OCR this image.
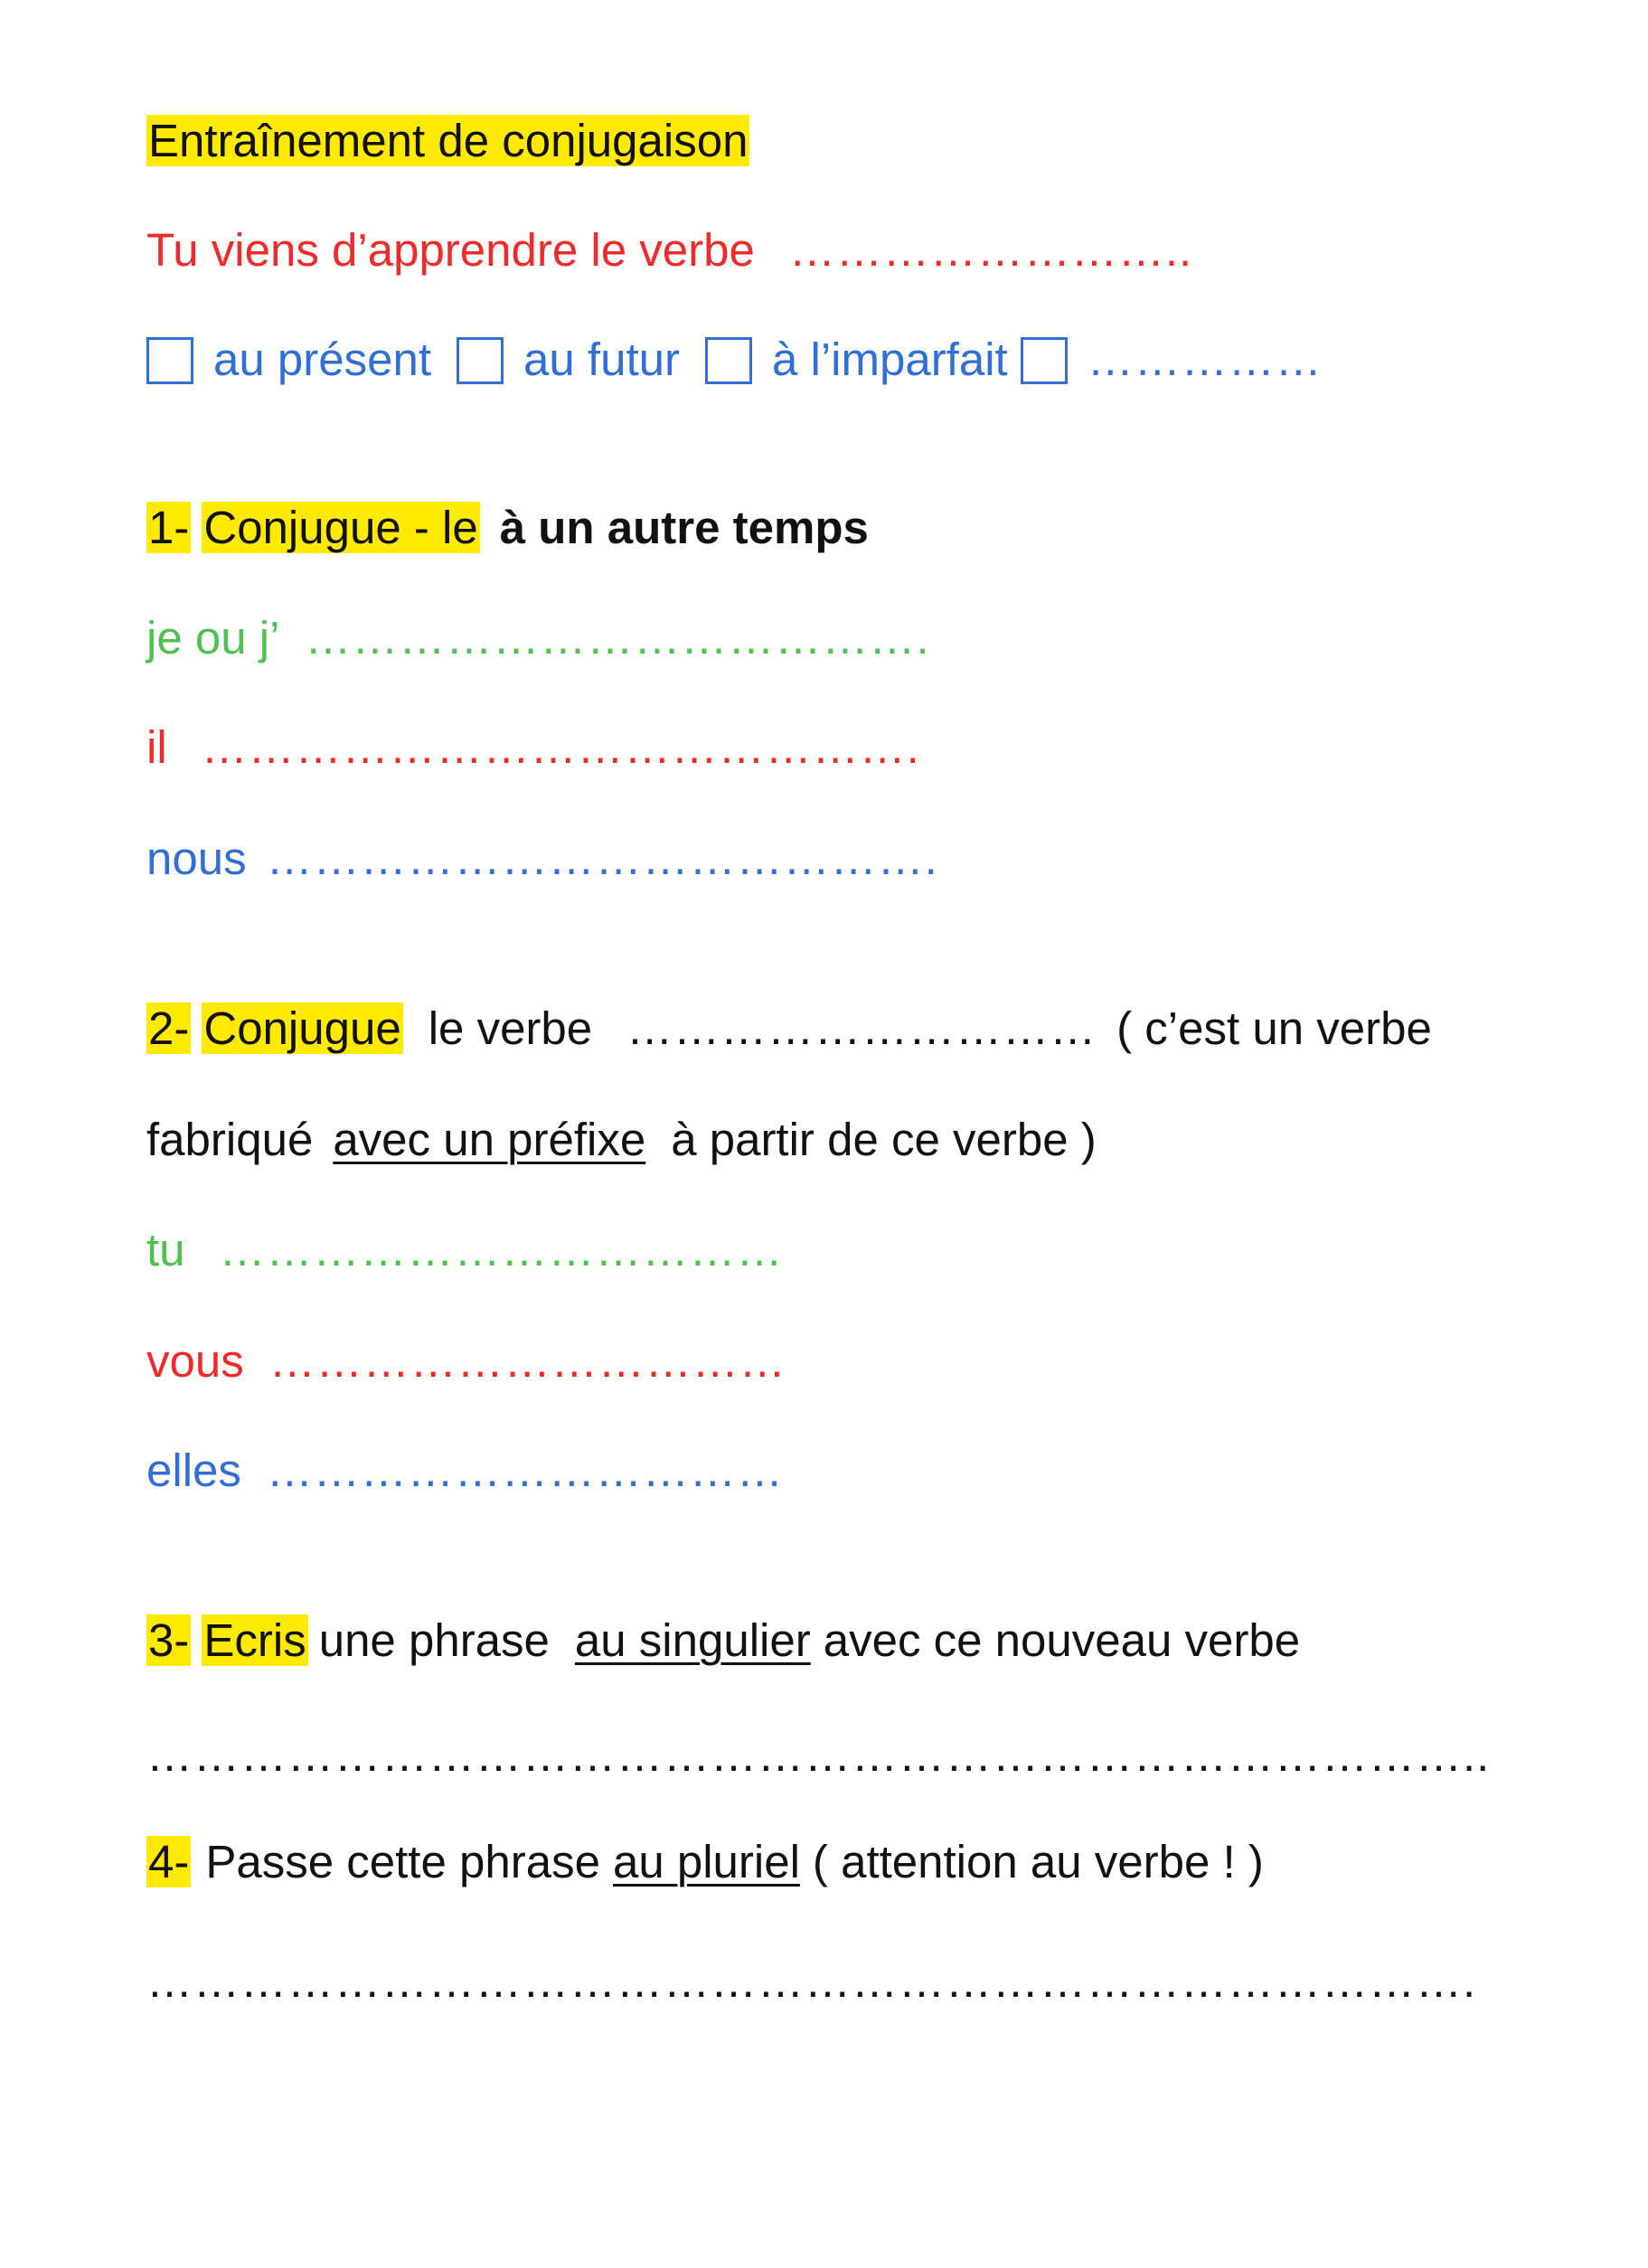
Entraînement de conjugaison
Tu viens d’apprendre le verbe ……………………..
au présent au futur à l’imparfait ……………
1- Conjugue - le à un autre temps
je ou j’ ………………………………….
il ……………………………………….
nous …………………………………….
2- Conjugue le verbe ………………………… ( c’est un verbe
fabriqué avec un préfixe à partir de ce verbe )
tu ………………………………
vous ……………………………
elles ……………………………
3- Ecris une phrase au singulier avec ce nouveau verbe
…………………………………………………………………………..
4- Passe cette phrase au pluriel ( attention au verbe ! )
………………………………………………………………………….
